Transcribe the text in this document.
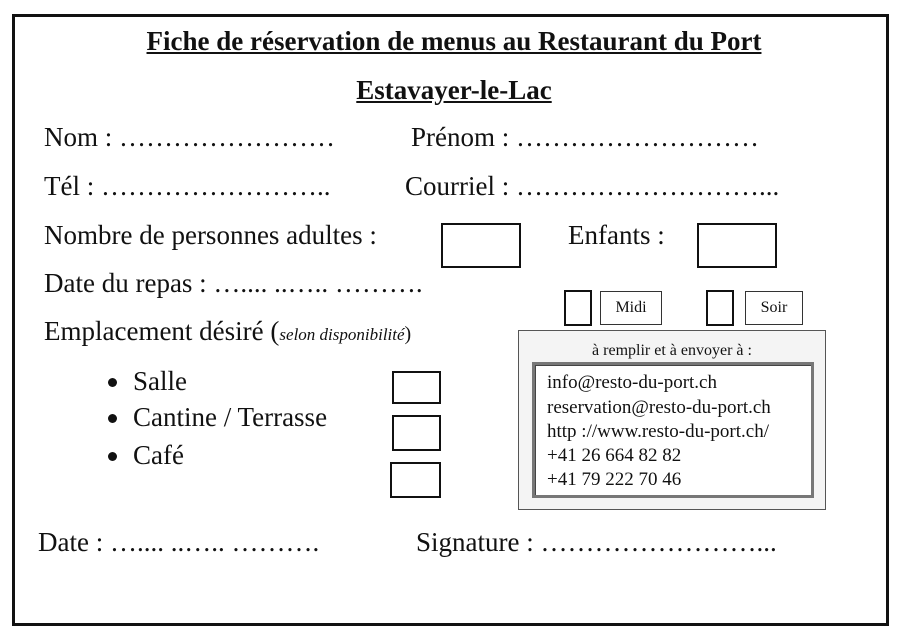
Fiche de réservation de menus au Restaurant du Port
Estavayer-le-Lac
Nom : ……………………	Prénom : ………………………
Tél : ……………………..	Courriel : ………………………...
Nombre de personnes adultes :	Enfants :
Date du repas : ….... ..….. ……….
Midi	Soir
Emplacement désiré (selon disponibilité)
Salle
Cantine / Terrasse
Café
à remplir et à envoyer à :
info@resto-du-port.ch
reservation@resto-du-port.ch
http ://www.resto-du-port.ch/
+41 26 664 82 82
+41 79 222 70 46
Date : ….... ..….. ……….	Signature : ……………………...
